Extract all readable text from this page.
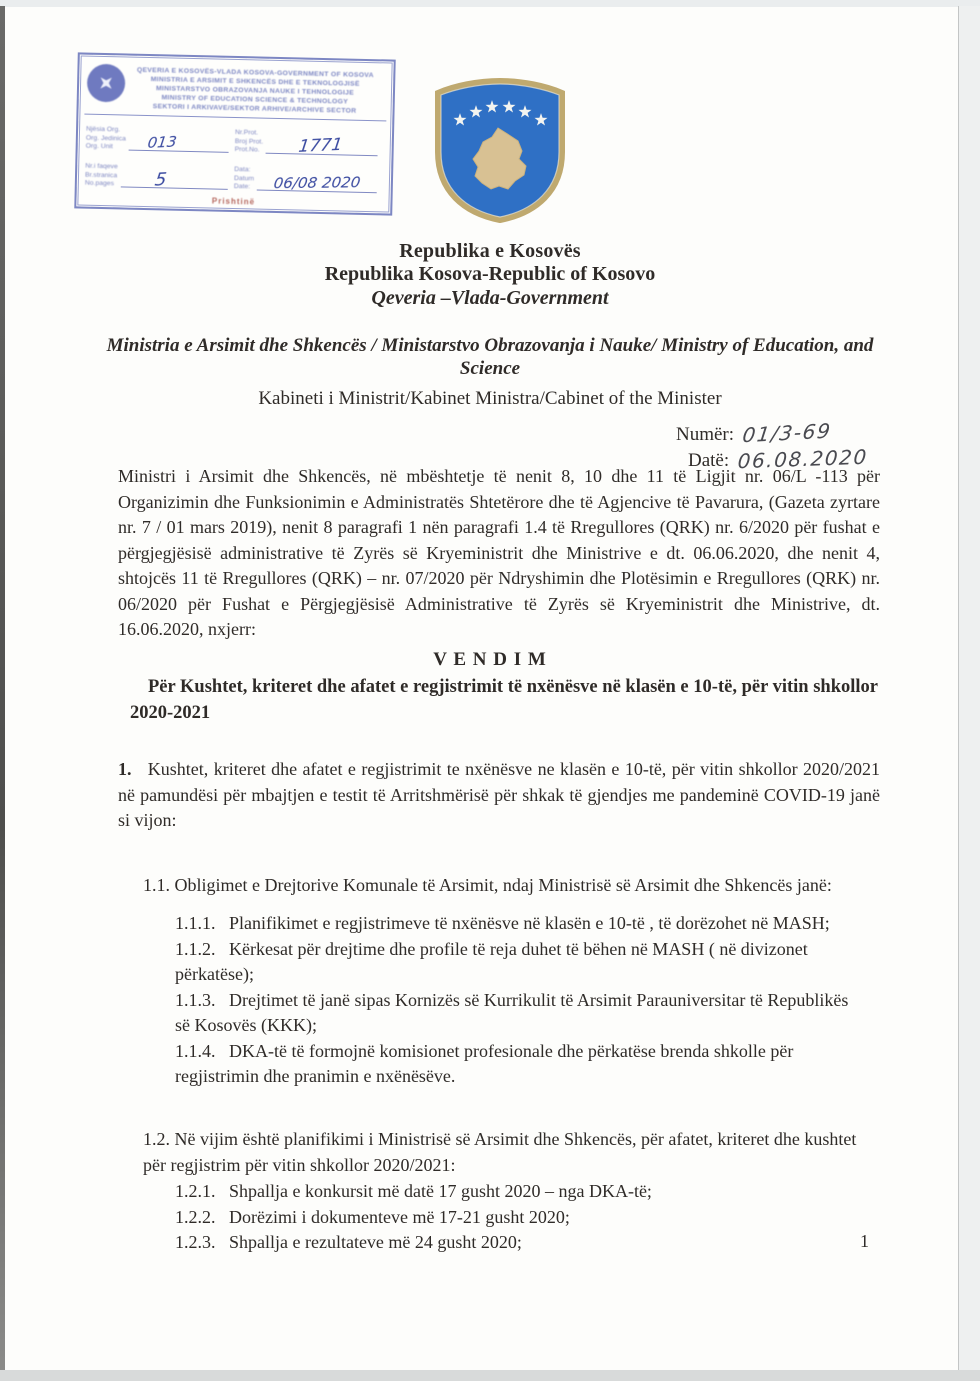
QEVERIA E KOSOVËS-VLADA KOSOVA-GOVERNMENT OF KOSOVA
MINISTRIA E ARSIMIT E SHKENCËS DHE E TEKNOLOGJISË
MINISTARSTVO OBRAZOVANJA NAUKE I TEHNOLOGIJE
MINISTRY OF EDUCATION SCIENCE & TECHNOLOGY
SEKTORI I ARKIVAVE/SEKTOR ARHIVE/ARCHIVE SECTOR
Njësia Org.
Org. Jedinica
Org. Unit	013
Nr.i faqeve
Br.stranica
No.pages 5
Nr.Prot.
Broj Prot.
Prot.No. 1771
Data:
Datum
Date: 06/08 2020
Prishtinë
Republika e Kosovës
Republika Kosova-Republic of Kosovo
Qeveria –Vlada-Government
Ministria e Arsimit dhe Shkencës / Ministarstvo Obrazovanja i Nauke/ Ministry of Education, and Science
Kabineti i Ministrit/Kabinet Ministra/Cabinet of the Minister
Numër: 01/3-69
Datë: 06.08.2020
Ministri i Arsimit dhe Shkencës, në mbështetje të nenit 8, 10 dhe 11 të Ligjit nr. 06/L -113 për Organizimin dhe Funksionimin e Administratës Shtetërore dhe të Agjencive të Pavarura, (Gazeta zyrtare nr. 7 / 01 mars 2019), nenit 8 paragrafi 1 nën paragrafi 1.4 të Rregullores (QRK) nr. 6/2020 për fushat e përgjegjësisë administrative të Zyrës së Kryeministrit dhe Ministrive e dt. 06.06.2020, dhe nenit 4, shtojcës 11 të Rregullores (QRK) – nr. 07/2020 për Ndryshimin dhe Plotësimin e Rregullores (QRK) nr. 06/2020 për Fushat e Përgjegjësisë Administrative të Zyrës së Kryeministrit dhe Ministrive, dt. 16.06.2020, nxjerr:
V E N D I M
Për Kushtet, kriteret dhe afatet e regjistrimit të nxënësve në klasën e 10-të, për vitin shkollor 2020-2021
1.   Kushtet, kriteret dhe afatet e regjistrimit te nxënësve ne klasën e 10-të, për vitin shkollor 2020/2021 në pamundësi për mbajtjen e testit të Arritshmërisë për shkak të gjendjes me pandeminë COVID-19 janë si vijon:
1.1. Obligimet e Drejtorive Komunale të Arsimit, ndaj Ministrisë së Arsimit dhe Shkencës janë:
1.1.1.   Planifikimet e regjistrimeve të nxënësve në klasën e 10-të , të dorëzohet në MASH;
1.1.2.   Kërkesat për drejtime dhe profile të reja duhet të bëhen në MASH ( në divizonet përkatëse);
1.1.3.   Drejtimet të janë sipas Kornizës së Kurrikulit të Arsimit Parauniversitar të Republikës së Kosovës (KKK);
1.1.4.   DKA-të të formojnë komisionet profesionale dhe përkatëse brenda shkolle për regjistrimin dhe pranimin e nxënësëve.
1.2. Në vijim është planifikimi i Ministrisë së Arsimit dhe Shkencës, për afatet, kriteret dhe kushtet për regjistrim për vitin shkollor 2020/2021:
1.2.1.   Shpallja e konkursit më datë 17 gusht 2020 – nga DKA-të;
1.2.2.   Dorëzimi i dokumenteve më 17-21 gusht 2020;
1.2.3.   Shpallja e rezultateve më 24 gusht 2020;	1
